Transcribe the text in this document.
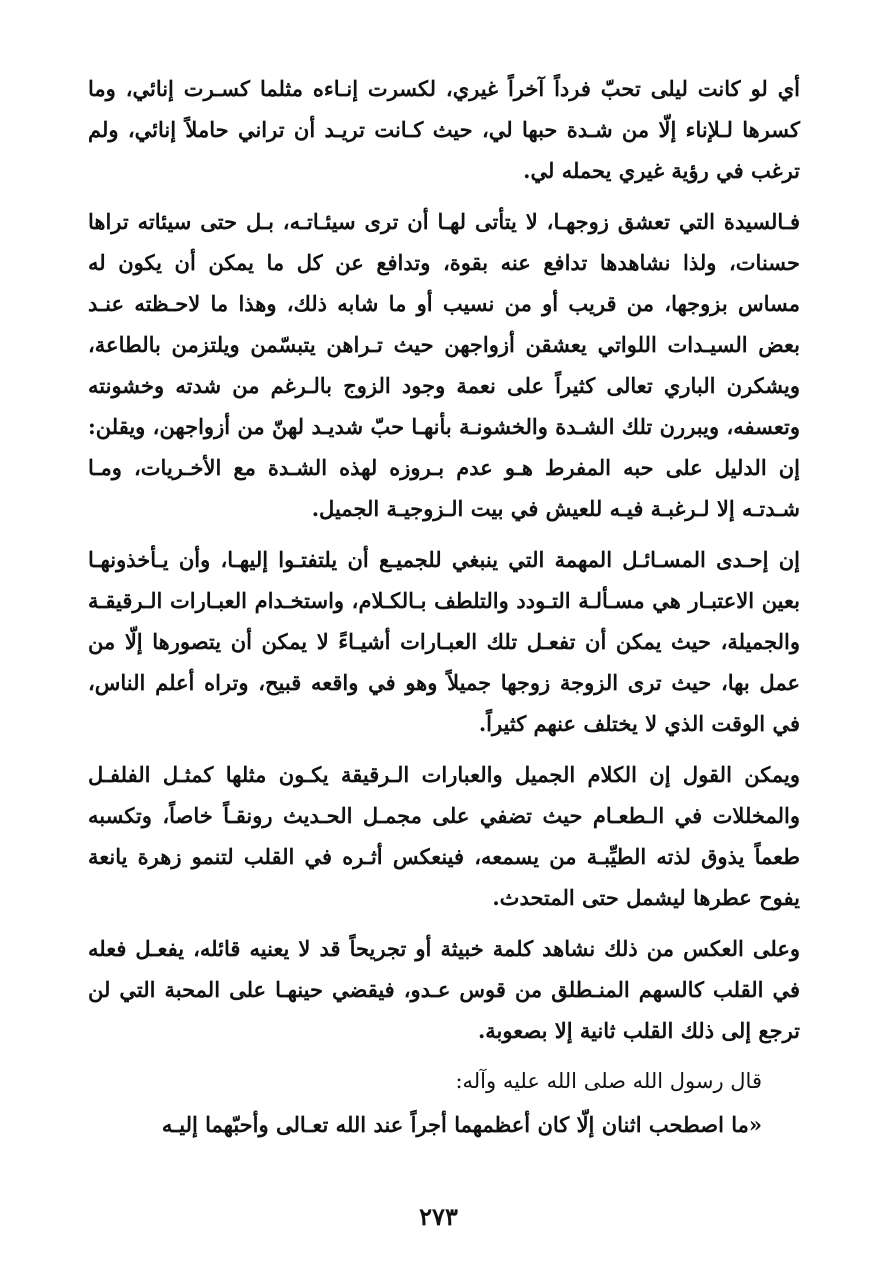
أي لو كانت ليلى تحبّ فرداً آخراً غيري، لكسرت إنـاءه مثلما كسـرت إنائي، وما كسرها لـلإناء إلّا من شـدة حبها لي، حيث كـانت تريـد أن تراني حاملاً إنائي، ولم ترغب في رؤية غيري يحمله لي.

فـالسيدة التي تعشق زوجهـا، لا يتأتى لهـا أن ترى سيئـاتـه، بـل حتى سيئاته تراها حسنات، ولذا نشاهدها تدافع عنه بقوة، وتدافع عن كل ما يمكن أن يكون له مساس بزوجها، من قريب أو من نسيب أو ما شابه ذلك، وهذا ما لاحـظته عنـد بعض السيـدات اللواتي يعشقن أزواجهن حيث تـراهن يتبسّمن ويلتزمن بالطاعة، ويشكرن الباري تعالى كثيراً على نعمة وجود الزوج بالـرغم من شدته وخشونته وتعسفه، ويبررن تلك الشـدة والخشونـة بأنهـا حبّ شديـد لهنّ من أزواجهن، ويقلن: إن الدليل على حبه المفرط هـو عدم بـروزه لهذه الشـدة مع الأخـريات، ومـا شـدتـه إلا لـرغبـة فيـه للعيش في بيت الـزوجيـة الجميل.

إن إحـدى المسـائـل المهمة التي ينبغي للجميـع أن يلتفتـوا إليهـا، وأن يـأخذونهـا بعين الاعتبـار هي مسـألـة التـودد والتلطف بـالكـلام، واستخـدام العبـارات الـرقيقـة والجميلة، حيث يمكن أن تفعـل تلك العبـارات أشيـاءً لا يمكن أن يتصورها إلّا من عمل بها، حيث ترى الزوجة زوجها جميلاً وهو في واقعه قبيح، وتراه أعلم الناس، في الوقت الذي لا يختلف عنهم كثيراً.

ويمكن القول إن الكلام الجميل والعبارات الـرقيقة يكـون مثلها كمثـل الفلفـل والمخللات في الـطعـام حيث تضفي على مجمـل الحـديث رونقـاً خاصاً، وتكسبه طعماً يذوق لذته الطيِّبـة من يسمعه، فينعكس أثـره في القلب لتنمو زهرة يانعة يفوح عطرها ليشمل حتى المتحدث.

وعلى العكس من ذلك نشاهد كلمة خبيثة أو تجريحاً قد لا يعنيه قائله، يفعـل فعله في القلب كالسهم المنـطلق من قوس عـدو، فيقضي حينهـا على المحبة التي لن ترجع إلى ذلك القلب ثانية إلا بصعوبة.

قال رسول الله صلى الله عليه وآله:

«ما اصطحب اثنان إلّا كان أعظمهما أجراً عند الله تعـالى وأحبّهما إليـه

٢٧٣
